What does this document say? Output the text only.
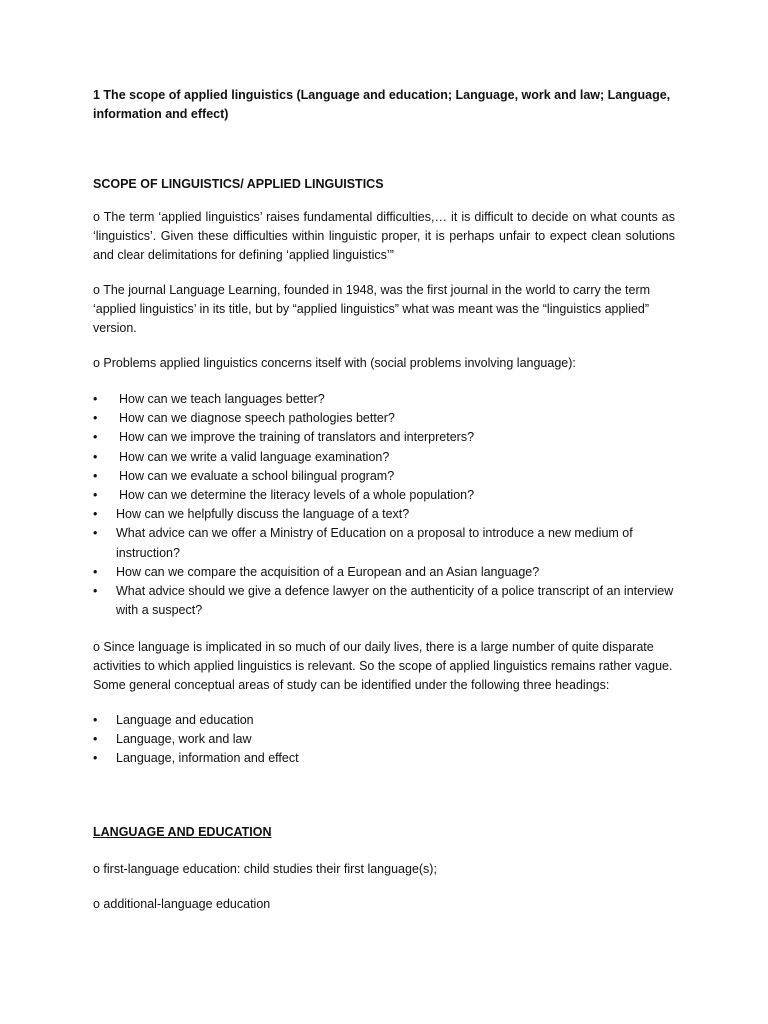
1 The scope of applied linguistics (Language and education; Language, work and law; Language, information and effect)
SCOPE OF LINGUISTICS/ APPLIED LINGUISTICS
o The term ‘applied linguistics’ raises fundamental difficulties,… it is difficult to decide on what counts as ‘linguistics’. Given these difficulties within linguistic proper, it is perhaps unfair to expect clean solutions and clear delimitations for defining ‘applied linguistics’”
o The journal Language Learning, founded in 1948, was the first journal in the world to carry the term ‘applied linguistics’ in its title, but by “applied linguistics” what was meant was the “linguistics applied” version.
o Problems applied linguistics concerns itself with (social problems involving language):
•	How can we teach languages better?
•	How can we diagnose speech pathologies better?
•	How can we improve the training of translators and interpreters?
•	How can we write a valid language examination?
•	How can we evaluate a school bilingual program?
•	How can we determine the literacy levels of a whole population?
•	How can we helpfully discuss the language of a text?
•	What advice can we offer a Ministry of Education on a proposal to introduce a new medium of instruction?
•	How can we compare the acquisition of a European and an Asian language?
•	What advice should we give a defence lawyer on the authenticity of a police transcript of an interview with a suspect?
o Since language is implicated in so much of our daily lives, there is a large number of quite disparate activities to which applied linguistics is relevant. So the scope of applied linguistics remains rather vague. Some general conceptual areas of study can be identified under the following three headings:
•	Language and education
•	Language, work and law
•	Language, information and effect
LANGUAGE AND EDUCATION
o first-language education: child studies their first language(s);
o additional-language education
